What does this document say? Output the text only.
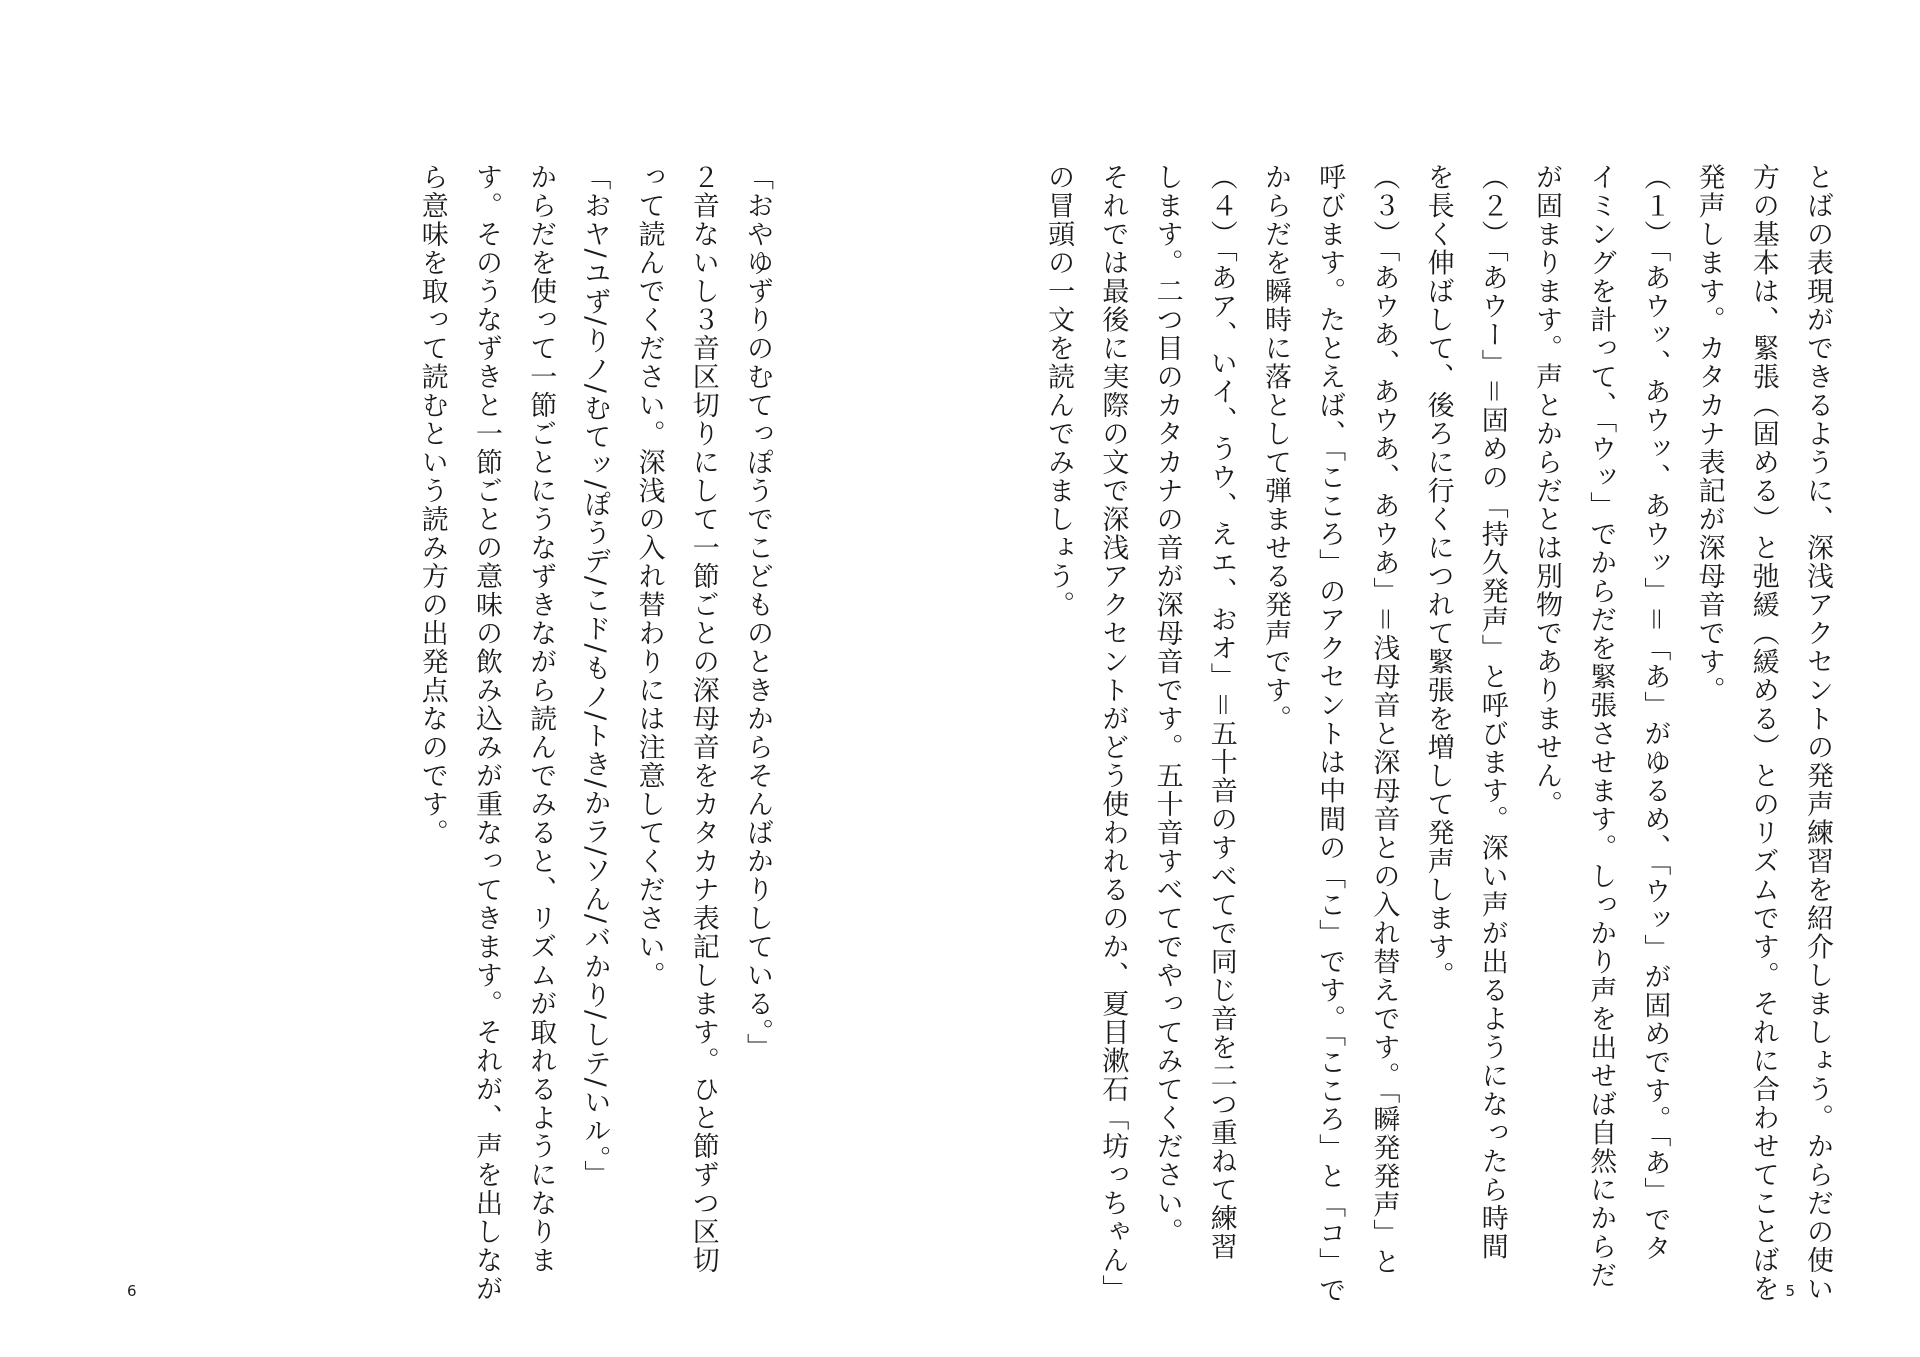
「おやゆずりのむてっぽうでこどものときからそんばかりしている。」

２音ないし３音区切りにして一節ごとの深母音をカタカナ表記します。ひと節ずつ区切

って読んでください。深浅の入れ替わりには注意してください。

「おヤ/ユず/りノ/むてッ/ぽうデ/こド/もノ/トき/かラ/ソん/バかり/しテ/いル。」

からだを使って一節ごとにうなずきながら読んでみると、リズムが取れるようになりま

す。そのうなずきと一節ごとの意味の飲み込みが重なってきます。それが、声を出しなが

ら意味を取って読むという読み方の出発点なのです。

6	とばの表現ができるように、深浅アクセントの発声練習を紹介しましょう。からだの使い

方の基本は、緊張（固める）と弛緩（緩める）とのリズムです。それに合わせてことばを

発声します。カタカナ表記が深母音です。

（１）「あウッ、あウッ、あウッ」＝「あ」がゆるめ、「ウッ」が固めです。「あ」でタ

イミングを計って、「ウッ」でからだを緊張させます。しっかり声を出せば自然にからだ

が固まります。声とからだとは別物でありません。

（２）「あウー」＝固めの「持久発声」と呼びます。深い声が出るようになったら時間

を長く伸ばして、後ろに行くにつれて緊張を増して発声します。

（３）「あウあ、あウあ、あウあ」＝浅母音と深母音との入れ替えです。「瞬発発声」と

呼びます。たとえば、「こころ」のアクセントは中間の「こ」です。「こころ」と「コ」で

からだを瞬時に落として弾ませる発声です。

（４）「あア、いイ、うウ、えエ、おオ」＝五十音のすべてで同じ音を二つ重ねて練習

します。二つ目のカタカナの音が深母音です。五十音すべてでやってみてください。

それでは最後に実際の文で深浅アクセントがどう使われるのか、夏目漱石「坊っちゃん」

の冒頭の一文を読んでみましょう。

5
